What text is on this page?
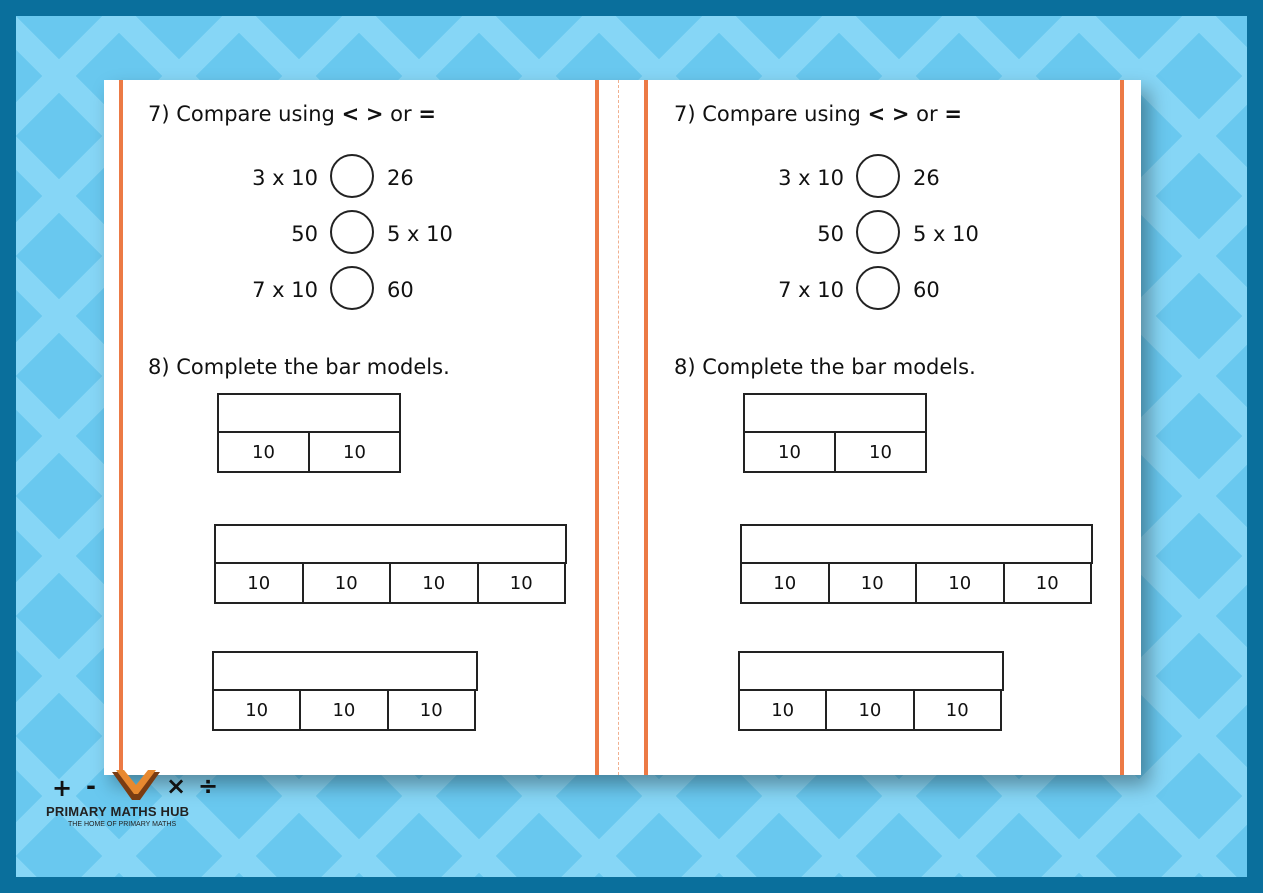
7) Compare using < > or =

3 x 10	26
50	5 x 10
7 x 10	60

8) Complete the bar models.

10	10
10	10	10	10
10	10	10

7) Compare using < > or =

3 x 10	26
50	5 x 10
7 x 10	60

8) Complete the bar models.

10	10
10	10	10	10
10	10	10
+ -	× ÷
PRIMARY MATHS HUB
THE HOME OF PRIMARY MATHS
